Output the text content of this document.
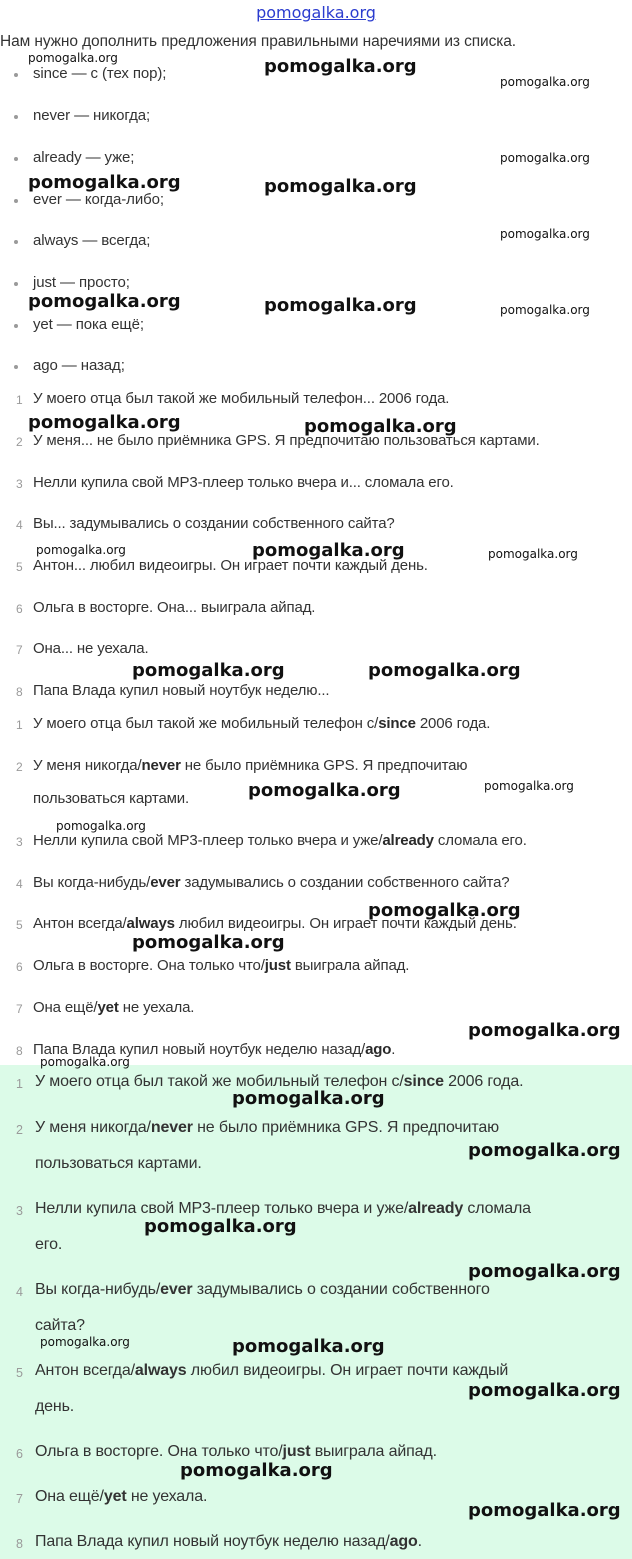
pomogalka.org
Нам нужно дополнить предложения правильными наречиями из списка.
since — с (тех пор);
never — никогда;
already — уже;
ever — когда-либо;
always — всегда;
just — просто;
yet — пока ещё;
ago — назад;
1 У моего отца был такой же мобильный телефон... 2006 года.
2 У меня... не было приёмника GPS. Я предпочитаю пользоваться картами.
3 Нелли купила свой MP3-плеер только вчера и... сломала его.
4 Вы... задумывались о создании собственного сайта?
5 Антон... любил видеоигры. Он играет почти каждый день.
6 Ольга в восторге. Она... выиграла айпад.
7 Она... не уехала.
8 Папа Влада купил новый ноутбук неделю...
1 У моего отца был такой же мобильный телефон с/since 2006 года.
2 У меня никогда/never не было приёмника GPS. Я предпочитаю
пользоваться картами.
3 Нелли купила свой MP3-плеер только вчера и уже/already сломала его.
4 Вы когда-нибудь/ever задумывались о создании собственного сайта?
5 Антон всегда/always любил видеоигры. Он играет почти каждый день.
6 Ольга в восторге. Она только что/just выиграла айпад.
7 Она ещё/yet не уехала.
8 Папа Влада купил новый ноутбук неделю назад/ago.
1 У моего отца был такой же мобильный телефон с/since 2006 года.
2 У меня никогда/never не было приёмника GPS. Я предпочитаю
пользоваться картами.
3 Нелли купила свой MP3-плеер только вчера и уже/already сломала
его.
4 Вы когда-нибудь/ever задумывались о создании собственного
сайта?
5 Антон всегда/always любил видеоигры. Он играет почти каждый
день.
6 Ольга в восторге. Она только что/just выиграла айпад.
7 Она ещё/yet не уехала.
8 Папа Влада купил новый ноутбук неделю назад/ago.
pomogalka.org	pomogalka.org
pomogalka.org
pomogalka.org
pomogalka.org	pomogalka.org
pomogalka.org
pomogalka.org	pomogalka.org	pomogalka.org
pomogalka.org	pomogalka.org
pomogalka.org	pomogalka.org	pomogalka.org
pomogalka.org	pomogalka.org
pomogalka.org	pomogalka.org
pomogalka.org
pomogalka.org
pomogalka.org
pomogalka.org
pomogalka.org
pomogalka.org
pomogalka.org
pomogalka.org
pomogalka.org
pomogalka.org	pomogalka.org
pomogalka.org
pomogalka.org
pomogalka.org
